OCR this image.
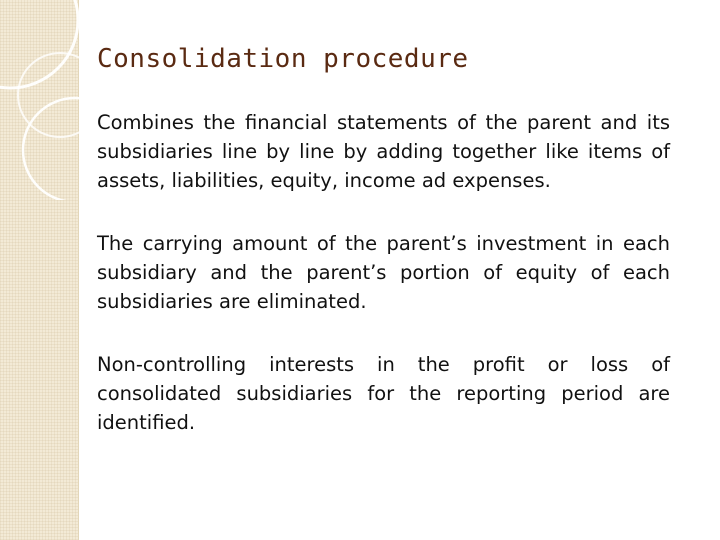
Consolidation procedure

Combines the financial statements of the parent and its subsidiaries line by line by adding together like items of assets, liabilities, equity, income ad expenses.

The carrying amount of the parent’s investment in each subsidiary and the parent’s portion of equity of each subsidiaries are eliminated.

Non-controlling interests in the profit or loss of consolidated subsidiaries for the reporting period are identified.
